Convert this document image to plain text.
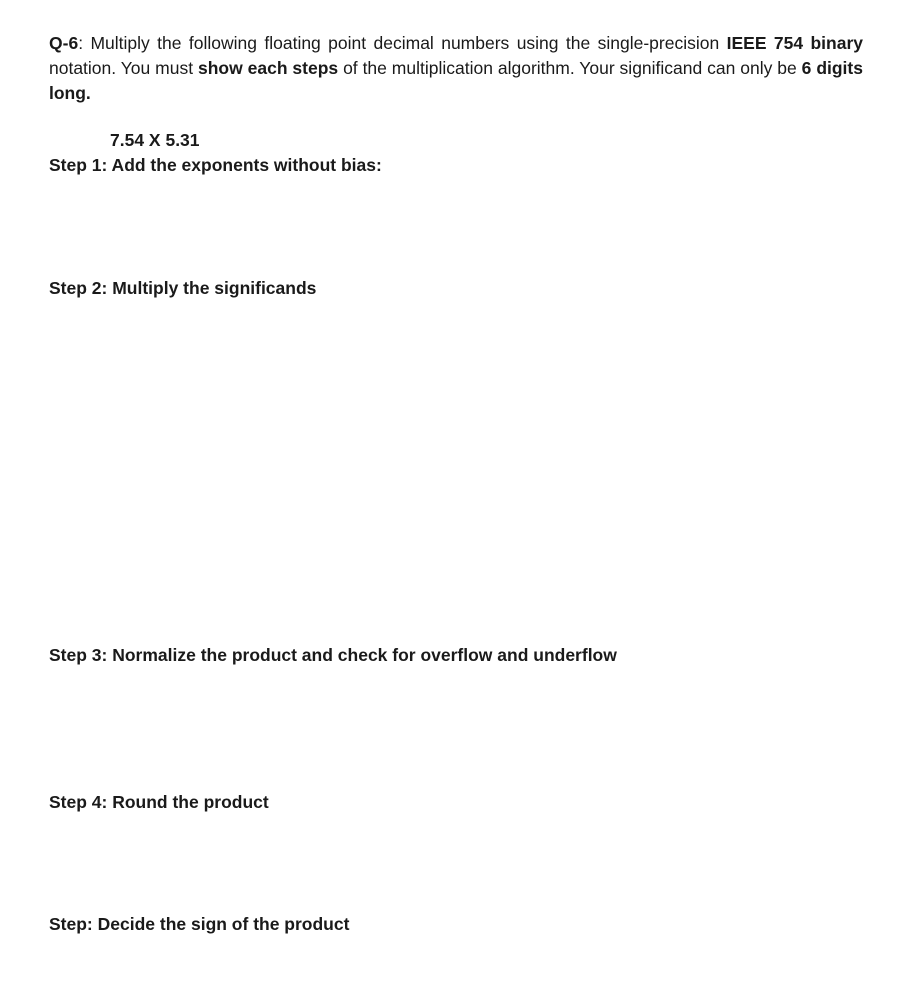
Q-6: Multiply the following floating point decimal numbers using the single-precision IEEE 754 binary notation. You must show each steps of the multiplication algorithm. Your significand can only be 6 digits long.
7.54 X 5.31
Step 1: Add the exponents without bias:
Step 2: Multiply the significands
Step 3: Normalize the product and check for overflow and underflow
Step 4: Round the product
Step: Decide the sign of the product
